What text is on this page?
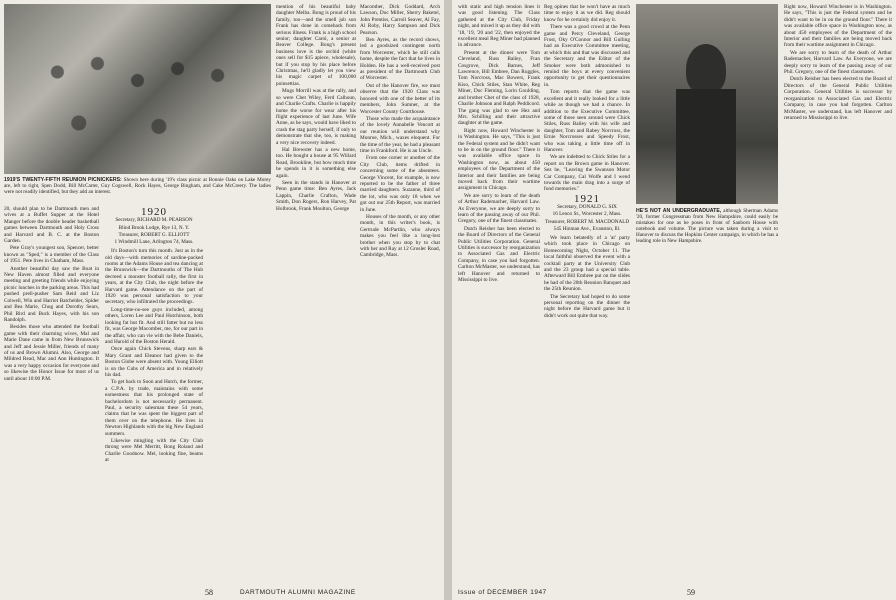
1919'S TWENTY-FIFTH REUNION PICNICKERS: Shown here during '19's class picnic at Bonnie Oaks on Lake Morey are, left to right, Spen Dodd, Bill McCarter, Guy Cogswell, Rock Hayes, George Bingham, and Cake McCreery. The ladies were not readily identified, but they add an interest.

20, should plan to be Dartmouth men and wives at a Buffet Supper at the Hotel Manger before the double header basketball games between Dartmouth and Holy Cross and Harvard and B. C. at the Boston Garden.

Pete Gray's youngest son, Spencer, better known as "Sped," is a member of the Class of 1951. Pete lives in Chatham, Mass.

Another beautiful day saw the Boat in New Haven almost filled and everyone meeting and greeting friends while enjoying picnic lunches in the parking areas. This had pushed prell-pusher Sam Reid and Liz Colwell, Win and Harriet Batchelder, Spider and Bea Marie, Chug and Dorothy Sears, Phil Bird and Buck Hayes, with his son Randolph.

Besides those who attended the football game with their charming wives, Mal and Marie Dane came in from New Brunswick and Jeff and Jessie Miller, friends of many of us and Brown Alumni. Also, George and Mildred Read, Mac and Ann Huntington. It was a very happy occasion for everyone and so likewise the Honor Issue for most of us until about 10:00 P.M.

1920

Secretary, RICHARD M. PEARSON

Blind Brook Lodge, Rye 13, N. Y.

Treasurer, ROBERT G. ELLIOTT

1 Windmill Lane, Arlington 74, Mass.

It's Boston's turn this month. Just as in the old days—with memories of sardine-packed rooms at the Adams House and tea dancing at the Brunswick—the Dartmouths of The Hub decreed a monster football rally, the first in years, at the City Club, the night before the Harvard game. Attendance on the part of 1920 was personal satisfaction to your secretary, who infiltrated the proceedings.

Long-time-no-see guys included, among others, Loren Lee and Paul Hutchinson, both looking fat but fit. And still fatter but no less fit, was George Macomber, me, for our part in the affair, who can vie with the Bebe Daniels, and Harold of the Boston Herald.

Once again Chick Stevens, sharp ears & Mary Grant and Eleanor had given to the Boston Globe were absent with. Young Elliott is on the Cubs of America and in relatively his dad.

To get back to Soon and Hutch, the former, a C.P.A. by trade, maintains with some earnestness that his prolonged state of bachelordom is not necessarily permanent. Paul, a security salesman these 54 years, claims that he was spent the biggest part of them over on the telephone. He lives in Newton Highlands with the big New England summers.

Likewise mingling with the City Club throng were Mel Merritt, Bong Roland and Charlie Goodnow. Mel, looking fine, beams at

mention of his beautiful baby daughter Melba. Bong is proud of his family, too—and the smell job son Frank has done in comeback from serious illness. Frank is a high school senior; daughter Carol, a senior at Beaver College. Bong's present business love is the orchid (white ones sell for $15 apiece, wholesale), but if you stop by his place before Christmas, he'll gladly let you view his magic carpet of 100,000 poinsettias.

Mugs Morrill was at the rally, and so were Chet Wiley, Ferd Calhoun, and Charlie Crafts. Charlie is happily home the worse for wear after his flight experience of last June. Wife Anne, as he says, would have liked to crash the stag party herself, if only to demonstrate that she, too, is making a very nice recovery indeed.

Hal Brewster has a new home, too. He bought a house at 95 Willard Road, Brookline, but how much time he spends in it is something else again.

Seen in the stands in Hanover at Penn game time: Ben Ayres, Jack Lappin, Charlie Crafton, Wade Smith, Don Rogers, Ron Harvey, Pat Holbrook, Frank Moulton, George

Macomber, Dick Goddard, Arch Lawson, Doc Miller, Sherry Baketel, John Prentiss, Carroll Seaver, Al Fay, Al Roby, Harry Sampson and Dick Pearson.

Ben Ayres, as the record shows, led a goodsized contingent north from Worcester, which he still calls home, despite the fact that he lives in Holden. He has a well-received post as president of the Dartmouth Club of Worcester.

Out of the Hanover fire, we must observe that the 1920 Class was honored with one of the better of its members, John Sumner, at the Worcester County Courthouse.

Those who made the acquaintance of the lovely Annabelle Vencott at our reunion will understand why Monroe, Mich., waxes eloquent. For the time of the year, he had a pleasant time in Frankford. He is an Uncle.

From one corner or another of the City Club, items drifted in concerning some of the absentees. George Vincent, for example, is now reported to be the father of three married daughters. Suzanne, third of the lot, who was only 18 when we got out our 25th Report, was married in June.

Houses of the month, or any other month, in this writer's book, is Gertrude McPartlin, who always makes you feel like a long-lost brother when you stop by to chat with her and Ray at 12 Grosler Road, Cambridge, Mass.

58	DARTMOUTH ALUMNI MAGAZINE

with static and high tension lines it was good listening. The Class gathered at the City Club, Friday night, and mixed it up as they did with '18, '19, '20 and '22, then enjoyed the excellent meal Reg Miner had planned in advance.

Present at the dinner were Tom Cleveland, Russ Bailey, Fran Cosgrove, Dick Barnes, Jeff Lawrence, Bill Embree, Dan Ruggles, Tom Norcross, Mac Bowers, Frank Kiso, Chick Stiles, Stan White, Reg Miner, Doc Fleming, Lorin Goulding, and brother Chet of the class of 1928, Charlie Johnson and Ralph Peddicord. The gang was glad to see Hez and Mrs. Schilling and their attractive daughter at the game.

Right now, Howard Winchester is in Washington. He says, "This is just the Federal system and he didn't want to be in on the ground floor." There it was available office space in Washington now, as about 450 employees of the Department of the Interior and their families are being moved back from their wartime assignment in Chicago.

We are sorry to learn of the death of Arthur Rademacher, Harvard Law. As Everyone, we are deeply sorry to learn of the passing away of our Phil. Gregory, one of the finest classmates.

Dutch Reisher has been elected to the Board of Directors of the General Public Utilities Corporation. General Utilities is successor by reorganization to Associated Gas and Electric Company, in case you had forgotten. Carlton McMaster, we understand, has left Hanover and returned to Mississippi to live.

Reg opines that he won't have as much time to enjoy it as we did. Reg should know for he certainly did enjoy it.

There was a good crowd at the Penn game and Percy Cleveland, George Frost, Oky O'Connor and Bill Gulling had an Executive Committee meeting, at which this and that was discussed and the Secretary and the Editor of the Smoker were both admonished to remind the boys at every convenient opportunity to get their questionnaires in.

Tom reports that the game was excellent and it really looked for a little while as though we had a chance. In addition to the Executive Committee, some of those seen around were Chick Stiles, Russ Bailey with his wife and daughter, Tom and Rabey Norcross, the Ernie Norcrosses and Speedy Frost, who was taking a little time off in Hanover.

We are indebted to Chick Stiles for a report on the Brown game in Hanover. Sez he, "Leaving the Swanson Motor Car Company, Cal Wolfe and I wend towards the main drag into a surge of fond memories."

1921

Secretary, DONALD G. SIX

16 Lenox St., Worcester 2, Mass.

Treasurer, ROBERT M. MACDONALD

545 Hinman Ave., Evanston, Ill.

We learn belatedly of a 'at' party which took place in Chicago on Homecoming Night, October 11. The local faithful observed the event with a cocktail party at the University Club and the 23 group had a special table. Afterward Bill Embree put on the slides he had of the 20th Reunion Banquet and the 25th Reunion.

The Secretary had hoped to do some personal reporting on the dinner the night before the Harvard game but it didn't work out quite that way.

HE'S NOT AN UNDERGRADUATE, although Sherman Adams '20, former Congressman from New Hampshire, could easily be mistaken for one as he poses in front of Sanborn House with notebook and volume. The picture was taken during a visit to Hanover to discuss the Hopkins Center campaign, in which he has a leading role in New Hampshire.

Right now, Howard Winchester is in Washington. He says, "This is just the Federal system and he didn't want to be in on the ground floor." There it was available office space in Washington now, as about 450 employees of the Department of the Interior and their families are being moved back from their wartime assignment in Chicago.

We are sorry to learn of the death of Arthur Rademacher, Harvard Law. As Everyone, we are deeply sorry to learn of the passing away of our Phil. Gregory, one of the finest classmates.

Dutch Reisher has been elected to the Board of Directors of the General Public Utilities Corporation. General Utilities is successor by reorganization to Associated Gas and Electric Company, in case you had forgotten. Carlton McMaster, we understand, has left Hanover and returned to Mississippi to live.

Issue of DECEMBER 1947	59
